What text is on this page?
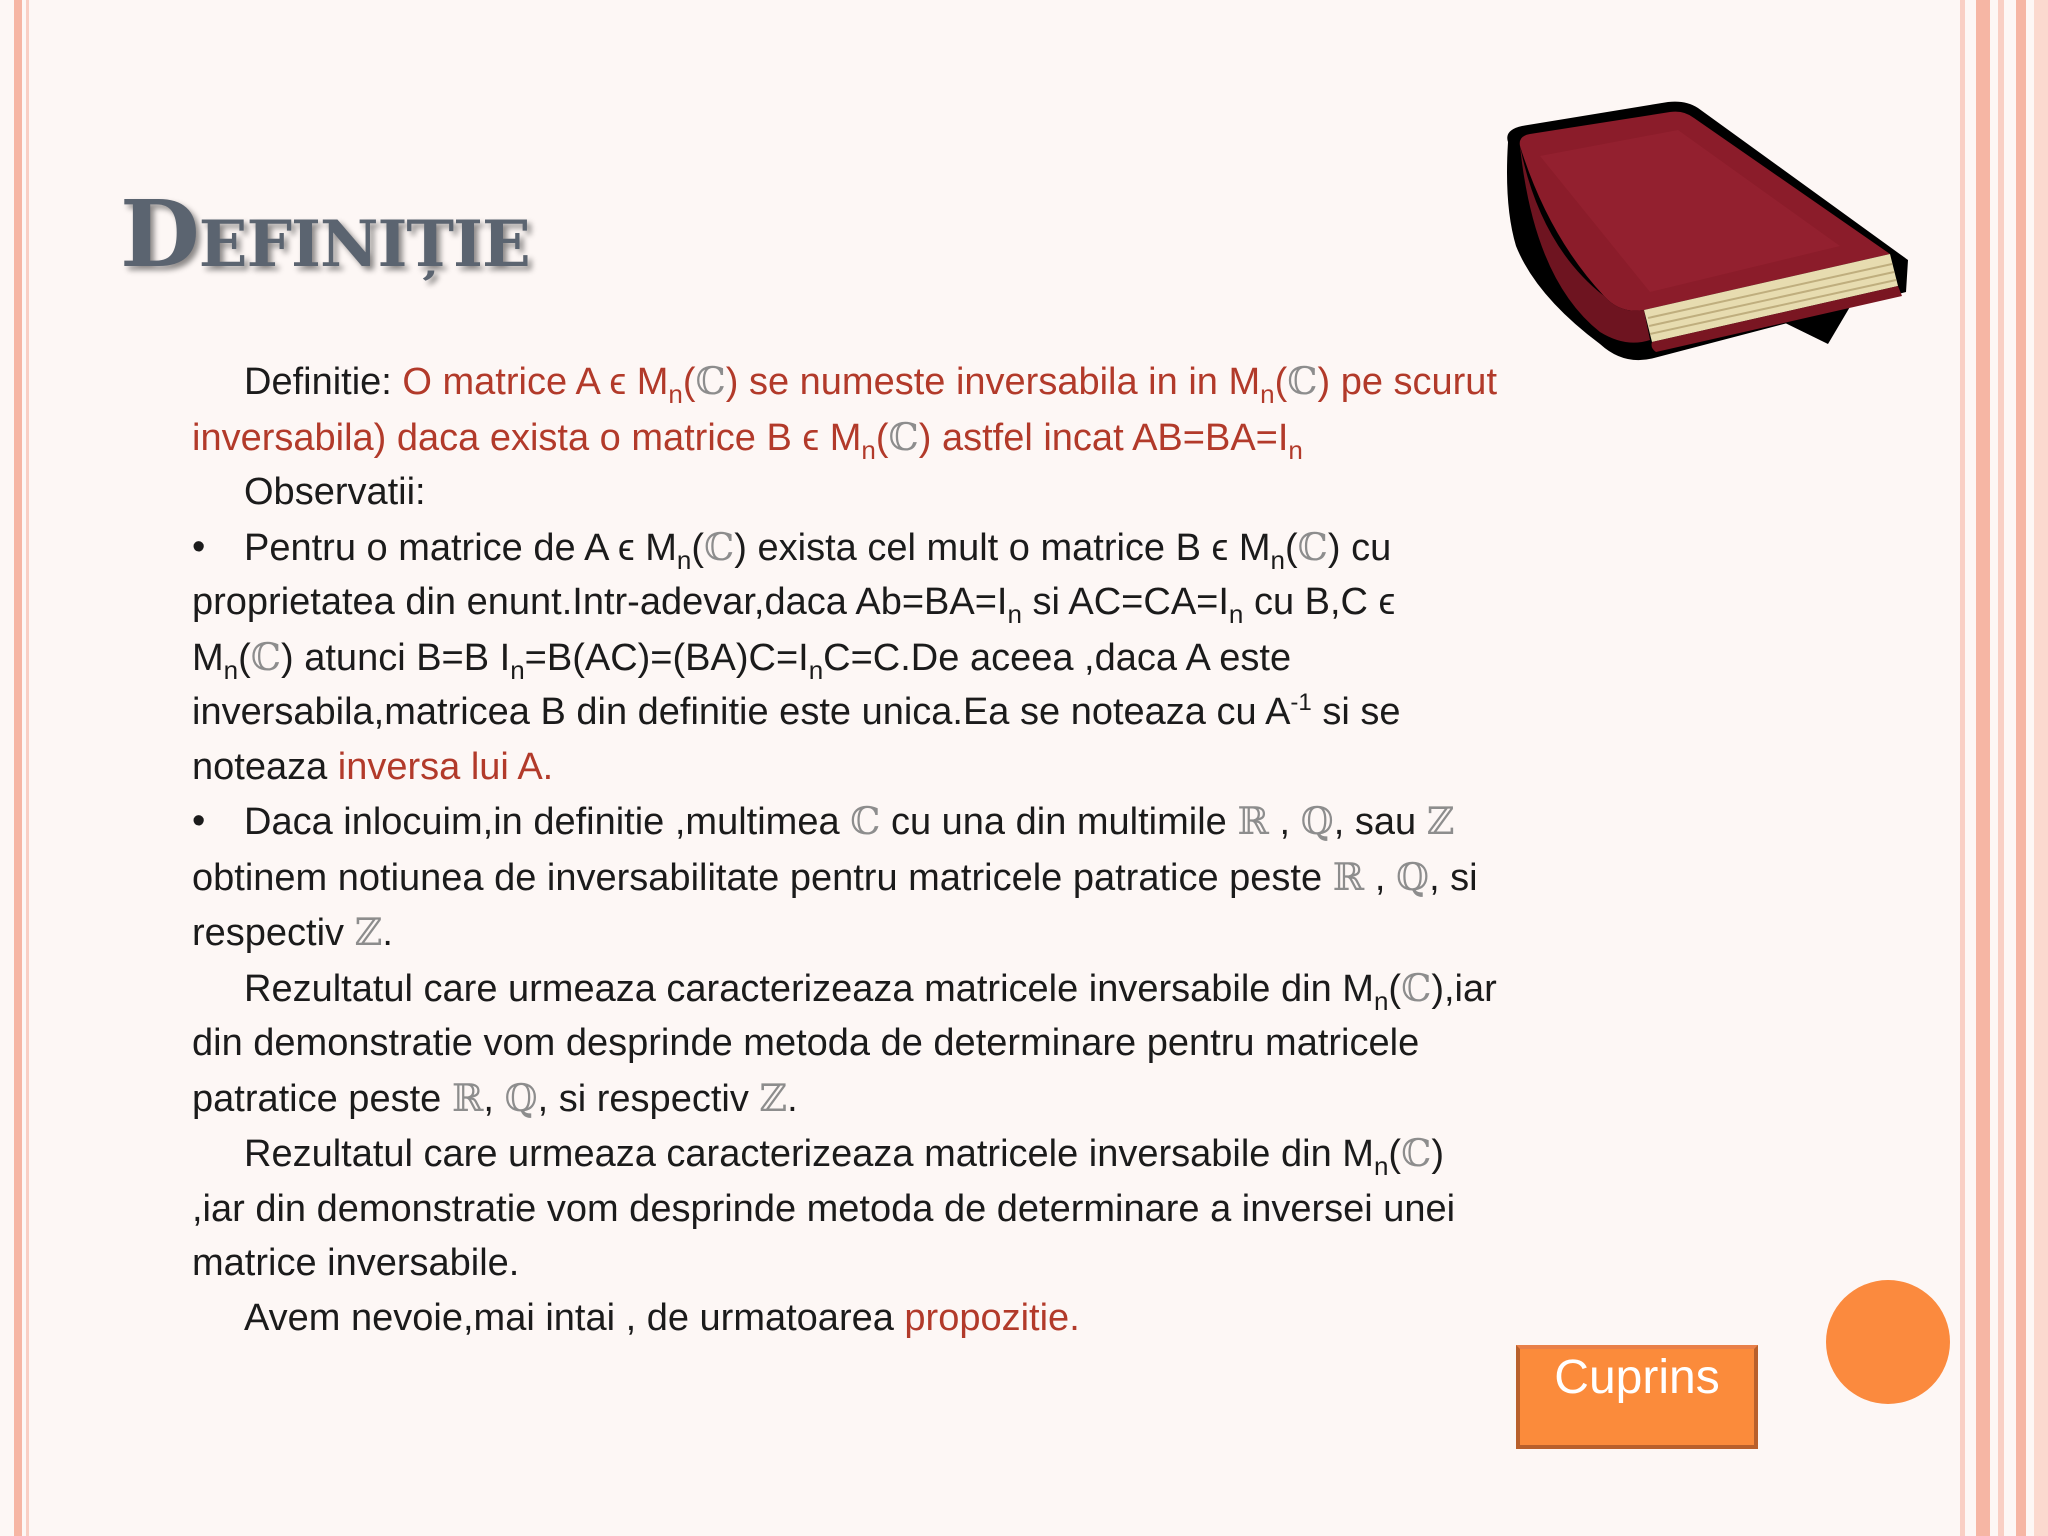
Definiție

Definitie: O matrice A ϵ $M_n(ℂ)$ se numeste inversabila in in $M_n(ℂ)$ pe scurut inversabila) daca exista o matrice B ϵ $M_n(ℂ)$ astfel incat $AB=BA=I_n$

Observatii:

• Pentru o matrice de A ϵ $M_n(ℂ)$ exista cel mult o matrice B ϵ $M_n(ℂ)$ cu proprietatea din enunt.Intr-adevar,daca $Ab=BA=I_n$ si $AC=CA=I_n$ cu B,C ϵ $M_n(ℂ)$ atunci B=B $I_n=B(AC)=(BA)C=I_nC=C.De$ aceea ,daca A este inversabila,matricea B din definitie este unica.Ea se noteaza cu $A^{-1}$ si se noteaza inversa lui A.

• Daca inlocuim,in definitie ,multimea ℂ cu una din multimile ℝ , ℚ, sau ℤ obtinem notiunea de inversabilitate pentru matricele patratice peste ℝ , ℚ, si respectiv ℤ.

Rezultatul care urmeaza caracterizeaza matricele inversabile din $M_n(ℂ),iar$ din demonstratie vom desprinde metoda de determinare pentru matricele patratice peste ℝ, ℚ, si respectiv ℤ.

Rezultatul care urmeaza caracterizeaza matricele inversabile din $M_n(ℂ)$ ,iar din demonstratie vom desprinde metoda de determinare a inversei unei matrice inversabile.

Avem nevoie,mai intai , de urmatoarea propozitie.

Cuprins
